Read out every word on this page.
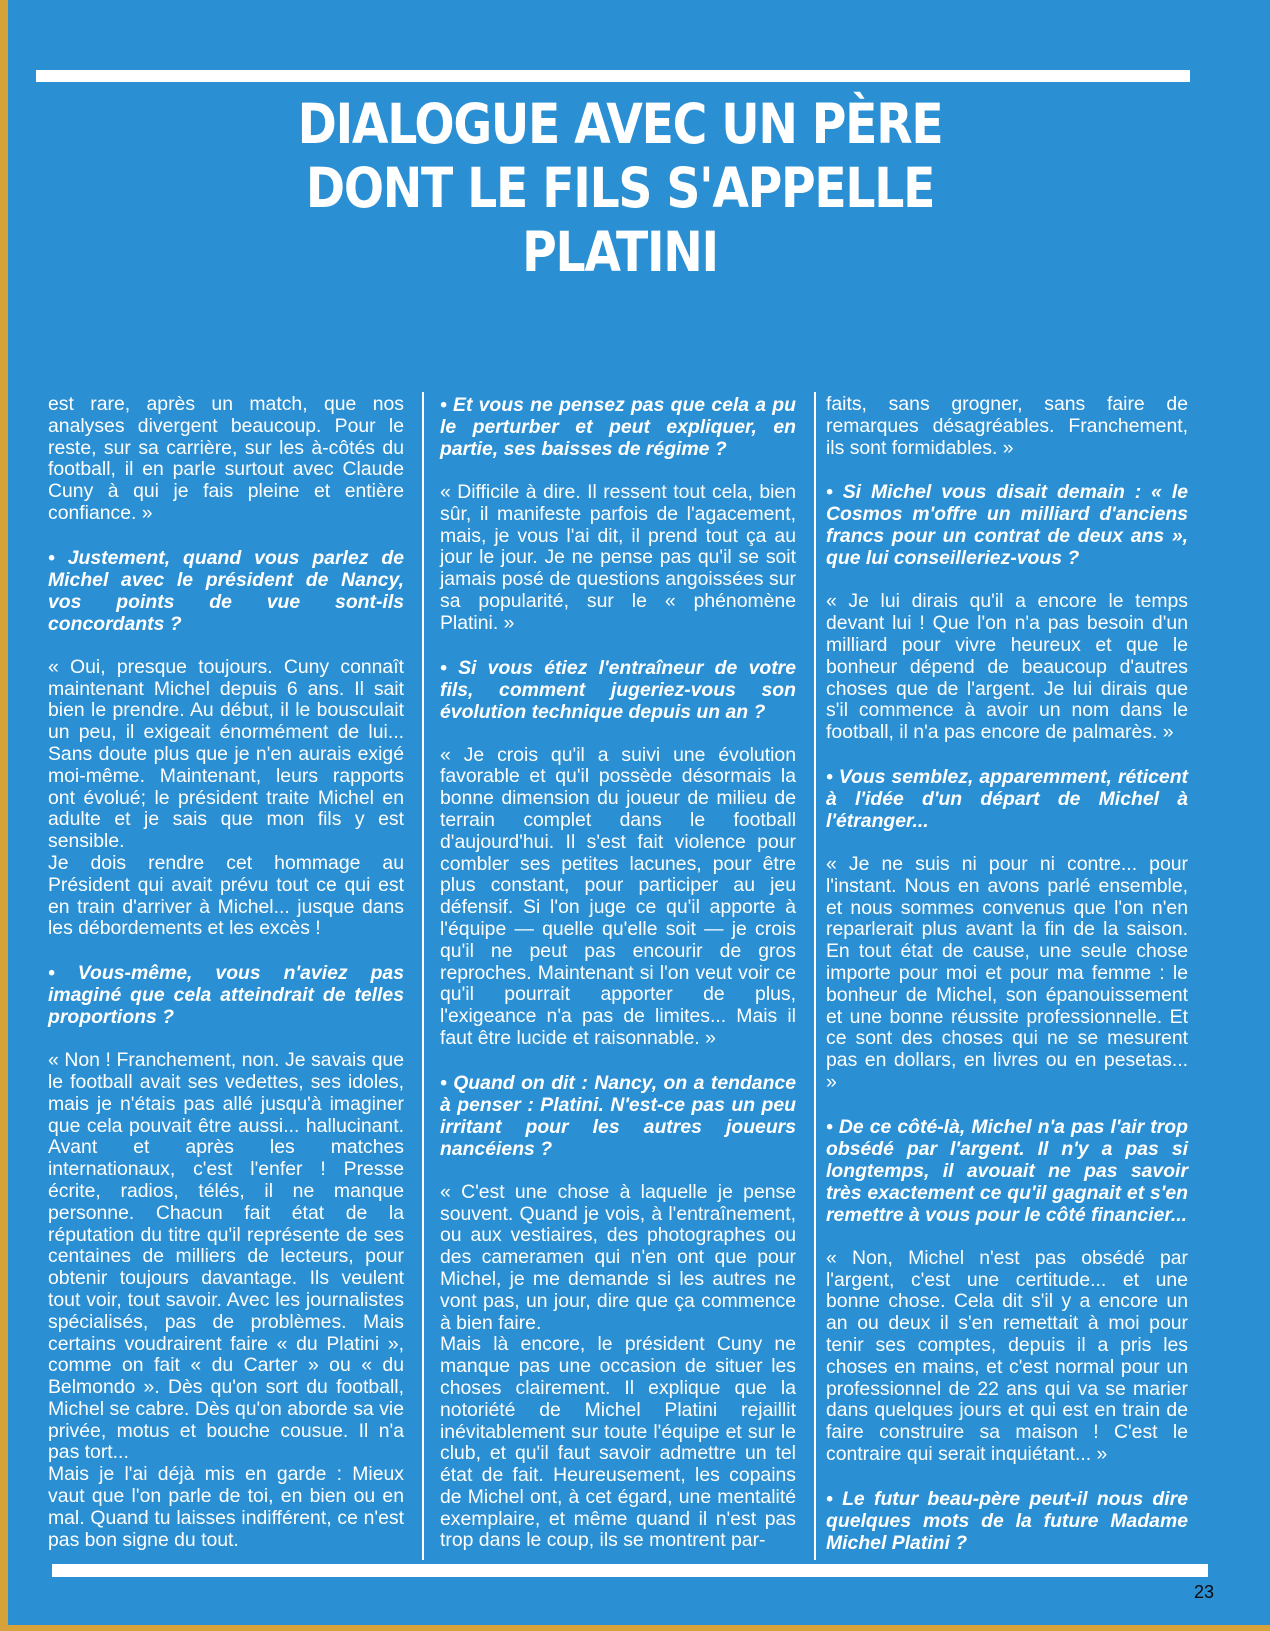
DIALOGUE AVEC UN PÈRE
DONT LE FILS S'APPELLE
PLATINI

est rare, après un match, que nos analyses divergent beaucoup. Pour le reste, sur sa carrière, sur les à-côtés du football, il en parle surtout avec Claude Cuny à qui je fais pleine et entière confiance. »

• Justement, quand vous parlez de Michel avec le président de Nancy, vos points de vue sont-ils concordants ?

« Oui, presque toujours. Cuny connaît maintenant Michel depuis 6 ans. Il sait bien le prendre. Au début, il le bousculait un peu, il exigeait énormément de lui... Sans doute plus que je n'en aurais exigé moi-même. Maintenant, leurs rapports ont évolué; le président traite Michel en adulte et je sais que mon fils y est sensible.

Je dois rendre cet hommage au Président qui avait prévu tout ce qui est en train d'arriver à Michel... jusque dans les débordements et les excès !

• Vous-même, vous n'aviez pas imaginé que cela atteindrait de telles proportions ?

« Non ! Franchement, non. Je savais que le football avait ses vedettes, ses idoles, mais je n'étais pas allé jusqu'à imaginer que cela pouvait être aussi... hallucinant. Avant et après les matches internationaux, c'est l'enfer ! Presse écrite, radios, télés, il ne manque personne. Chacun fait état de la réputation du titre qu'il représente de ses centaines de milliers de lecteurs, pour obtenir toujours davantage. Ils veulent tout voir, tout savoir. Avec les journalistes spécialisés, pas de problèmes. Mais certains voudrairent faire « du Platini », comme on fait « du Carter » ou « du Belmondo ». Dès qu'on sort du football, Michel se cabre. Dès qu'on aborde sa vie privée, motus et bouche cousue. Il n'a pas tort...

Mais je l'ai déjà mis en garde : Mieux vaut que l'on parle de toi, en bien ou en mal. Quand tu laisses indifférent, ce n'est pas bon signe du tout.

• Et vous ne pensez pas que cela a pu le perturber et peut expliquer, en partie, ses baisses de régime ?

« Difficile à dire. Il ressent tout cela, bien sûr, il manifeste parfois de l'agacement, mais, je vous l'ai dit, il prend tout ça au jour le jour. Je ne pense pas qu'il se soit jamais posé de questions angoissées sur sa popularité, sur le « phénomène Platini. »

• Si vous étiez l'entraîneur de votre fils, comment jugeriez-vous son évolution technique depuis un an ?

« Je crois qu'il a suivi une évolution favorable et qu'il possède désormais la bonne dimension du joueur de milieu de terrain complet dans le football d'aujourd'hui. Il s'est fait violence pour combler ses petites lacunes, pour être plus constant, pour participer au jeu défensif. Si l'on juge ce qu'il apporte à l'équipe — quelle qu'elle soit — je crois qu'il ne peut pas encourir de gros reproches. Maintenant si l'on veut voir ce qu'il pourrait apporter de plus, l'exigeance n'a pas de limites... Mais il faut être lucide et raisonnable. »

• Quand on dit : Nancy, on a tendance à penser : Platini. N'est-ce pas un peu irritant pour les autres joueurs nancéiens ?

« C'est une chose à laquelle je pense souvent. Quand je vois, à l'entraînement, ou aux vestiaires, des photographes ou des cameramen qui n'en ont que pour Michel, je me demande si les autres ne vont pas, un jour, dire que ça commence à bien faire.

Mais là encore, le président Cuny ne manque pas une occasion de situer les choses clairement. Il explique que la notoriété de Michel Platini rejaillit inévitablement sur toute l'équipe et sur le club, et qu'il faut savoir admettre un tel état de fait. Heureusement, les copains de Michel ont, à cet égard, une mentalité exemplaire, et même quand il n'est pas trop dans le coup, ils se montrent par-

faits, sans grogner, sans faire de remarques désagréables. Franchement, ils sont formidables. »

• Si Michel vous disait demain : « le Cosmos m'offre un milliard d'anciens francs pour un contrat de deux ans », que lui conseilleriez-vous ?

« Je lui dirais qu'il a encore le temps devant lui ! Que l'on n'a pas besoin d'un milliard pour vivre heureux et que le bonheur dépend de beaucoup d'autres choses que de l'argent. Je lui dirais que s'il commence à avoir un nom dans le football, il n'a pas encore de palmarès. »

• Vous semblez, apparemment, réticent à l'idée d'un départ de Michel à l'étranger...

« Je ne suis ni pour ni contre... pour l'instant. Nous en avons parlé ensemble, et nous sommes convenus que l'on n'en reparlerait plus avant la fin de la saison. En tout état de cause, une seule chose importe pour moi et pour ma femme : le bonheur de Michel, son épanouissement et une bonne réussite professionnelle. Et ce sont des choses qui ne se mesurent pas en dollars, en livres ou en pesetas... »

• De ce côté-là, Michel n'a pas l'air trop obsédé par l'argent. Il n'y a pas si longtemps, il avouait ne pas savoir très exactement ce qu'il gagnait et s'en remettre à vous pour le côté financier...

« Non, Michel n'est pas obsédé par l'argent, c'est une certitude... et une bonne chose. Cela dit s'il y a encore un an ou deux il s'en remettait à moi pour tenir ses comptes, depuis il a pris les choses en mains, et c'est normal pour un professionnel de 22 ans qui va se marier dans quelques jours et qui est en train de faire construire sa maison ! C'est le contraire qui serait inquiétant... »

• Le futur beau-père peut-il nous dire quelques mots de la future Madame Michel Platini ?

23
